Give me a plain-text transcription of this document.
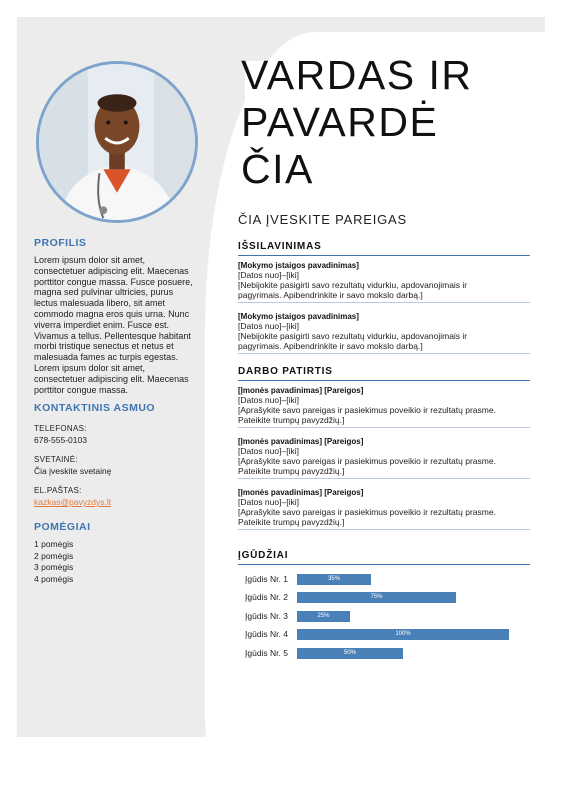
PROFILIS
Lorem ipsum dolor sit amet, consectetuer adipiscing elit. Maecenas porttitor congue massa. Fusce posuere, magna sed pulvinar ultricies, purus lectus malesuada libero, sit amet commodo magna eros quis urna. Nunc viverra imperdiet enim. Fusce est. Vivamus a tellus. Pellentesque habitant morbi tristique senectus et netus et malesuada fames ac turpis egestas. Lorem ipsum dolor sit amet, consectetuer adipiscing elit. Maecenas porttitor congue massa.
KONTAKTINIS ASMUO
TELEFONAS:
678-555-0103
SVETAINĖ:
Čia įveskite svetainę
EL.PAŠTAS:
kazkas@pavyzdys.lt
POMĖGIAI
1 pomėgis
2 pomėgis
3 pomėgis
4 pomėgis
VARDAS IR
PAVARDĖ
ČIA
ČIA ĮVESKITE PAREIGAS
IŠSILAVINIMAS
[Mokymo įstaigos pavadinimas]
[Datos nuo]–[iki]
[Nebijokite pasigirti savo rezultatų vidurkiu, apdovanojimais ir
pagyrimais. Apibendrinkite ir savo mokslo darbą.]
[Mokymo įstaigos pavadinimas]
[Datos nuo]–[iki]
[Nebijokite pasigirti savo rezultatų vidurkiu, apdovanojimais ir
pagyrimais. Apibendrinkite ir savo mokslo darbą.]
DARBO PATIRTIS
[Įmonės pavadinimas] [Pareigos]
[Datos nuo]–[iki]
[Aprašykite savo pareigas ir pasiekimus poveikio ir rezultatų prasme.
Pateikite trumpų pavyzdžių.]
[Įmonės pavadinimas] [Pareigos]
[Datos nuo]–[iki]
[Aprašykite savo pareigas ir pasiekimus poveikio ir rezultatų prasme.
Pateikite trumpų pavyzdžių.]
[Įmonės pavadinimas] [Pareigos]
[Datos nuo]–[iki]
[Aprašykite savo pareigas ir pasiekimus poveikio ir rezultatų prasme.
Pateikite trumpų pavyzdžių.]
ĮGŪDŽIAI
Įgūdis Nr. 1	35%
Įgūdis Nr. 2	75%
Įgūdis Nr. 3	25%
Įgūdis Nr. 4	100%
Įgūdis Nr. 5	50%
